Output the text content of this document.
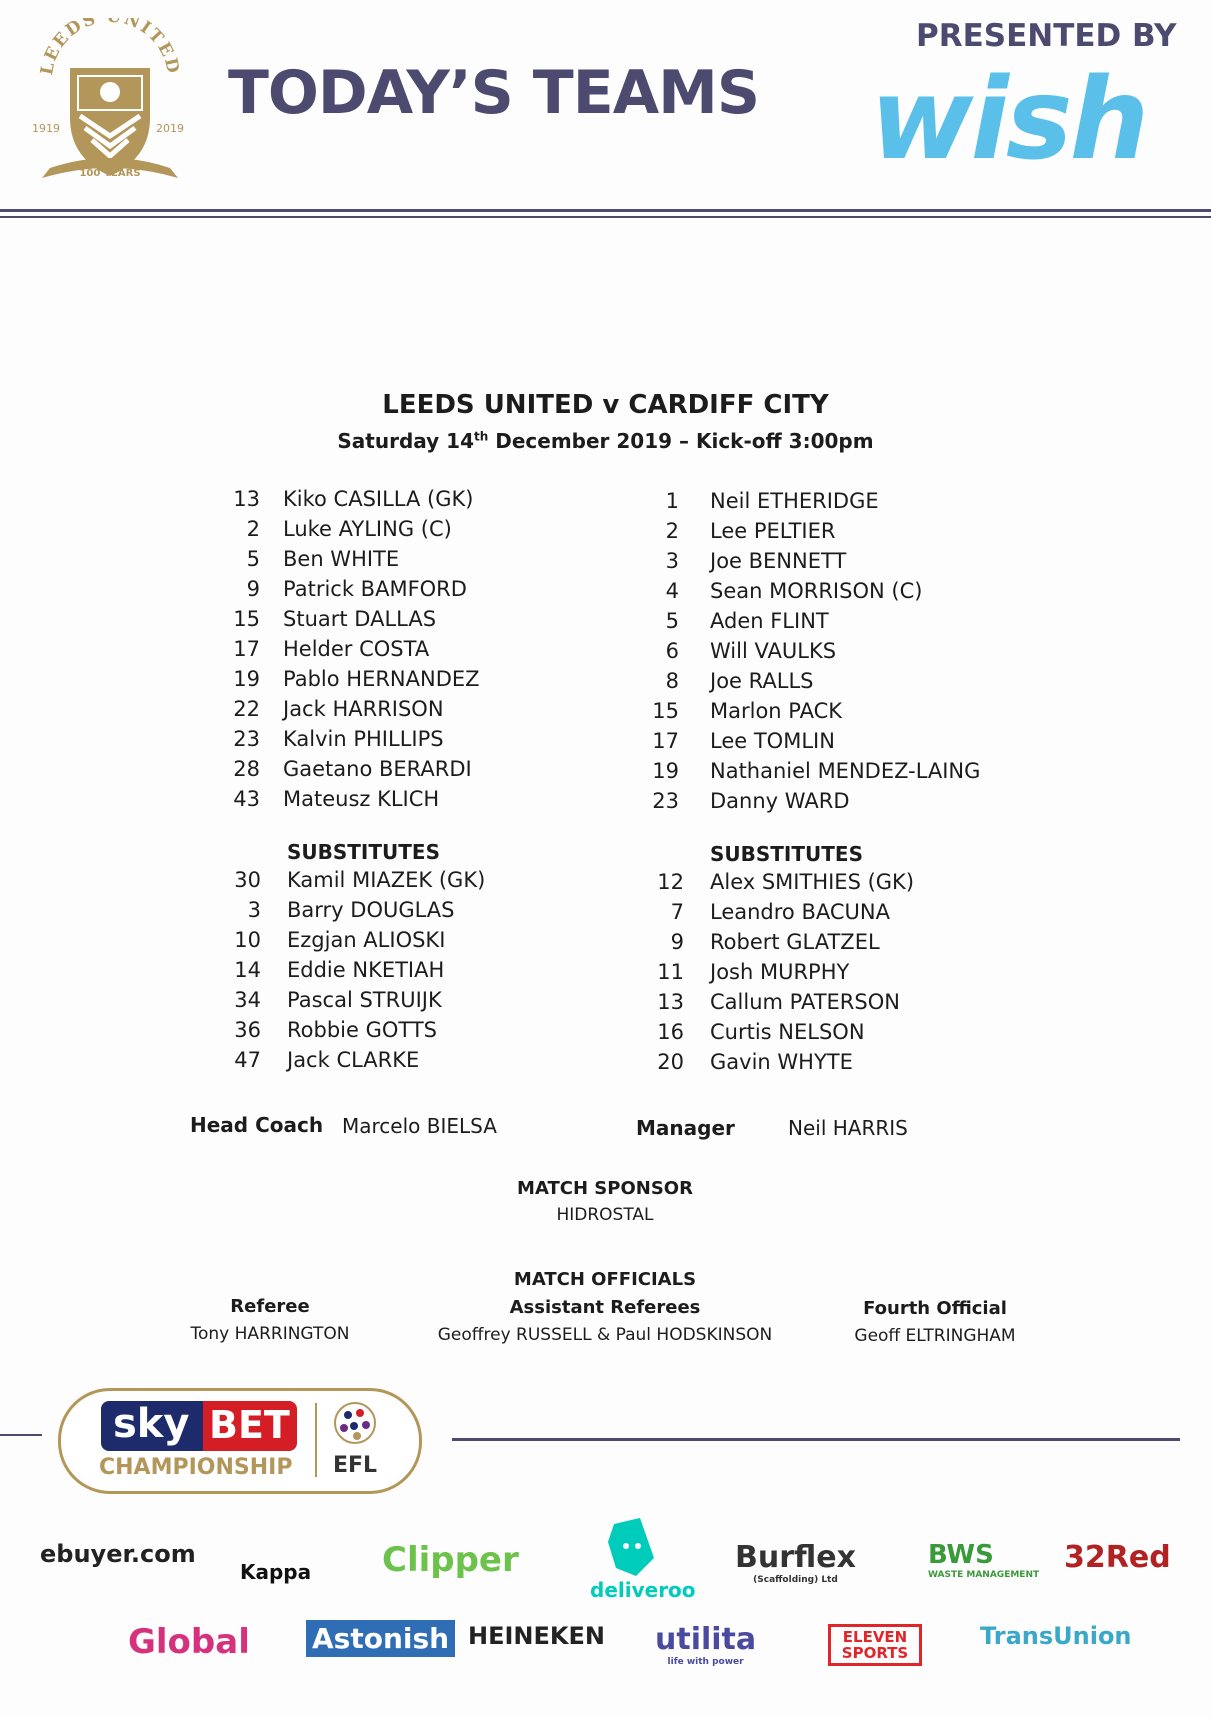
LEEDS NITED
1919	2019
100 YEARS
TODAY’S TEAMS
PRESENTED BY
wish
LEEDS UNITED v CARDIFF CITY
Saturday 14th December 2019 – Kick-off 3:00pm
13 Kiko CASILLA (GK)
2 Luke AYLING (C)
5 Ben WHITE
9 Patrick BAMFORD
15 Stuart DALLAS
17 Helder COSTA
19 Pablo HERNANDEZ
22 Jack HARRISON
23 Kalvin PHILLIPS
28 Gaetano BERARDI
43 Mateusz KLICH
SUBSTITUTES
30 Kamil MIAZEK (GK)
3 Barry DOUGLAS
10 Ezgjan ALIOSKI
14 Eddie NKETIAH
34 Pascal STRUIJK
36 Robbie GOTTS
47 Jack CLARKE
1 Neil ETHERIDGE
2 Lee PELTIER
3 Joe BENNETT
4 Sean MORRISON (C)
5 Aden FLINT
6 Will VAULKS
8 Joe RALLS
15 Marlon PACK
17 Lee TOMLIN
19 Nathaniel MENDEZ-LAING
23 Danny WARD
SUBSTITUTES
12 Alex SMITHIES (GK)
7 Leandro BACUNA
9 Robert GLATZEL
11 Josh MURPHY
13 Callum PATERSON
16 Curtis NELSON
20 Gavin WHYTE
Head Coach Marcelo BIELSA	Manager	Neil HARRIS
MATCH SPONSOR
HIDROSTAL
MATCH OFFICIALS
Referee
Tony HARRINGTON
Assistant Referees
Geoffrey RUSSELL & Paul HODSKINSON
Fourth Official
Geoff ELTRINGHAM
sky BET
CHAMPIONSHIP EFL
ebuyer.com
Kappa Clipper
deliveroo
Burflex
(Scaffolding) Ltd
BWS
WASTE MANAGEMENT 32Red
Global Astonish HEINEKEN utilita
life with power
ELEVEN SPORTS
TransUnion
